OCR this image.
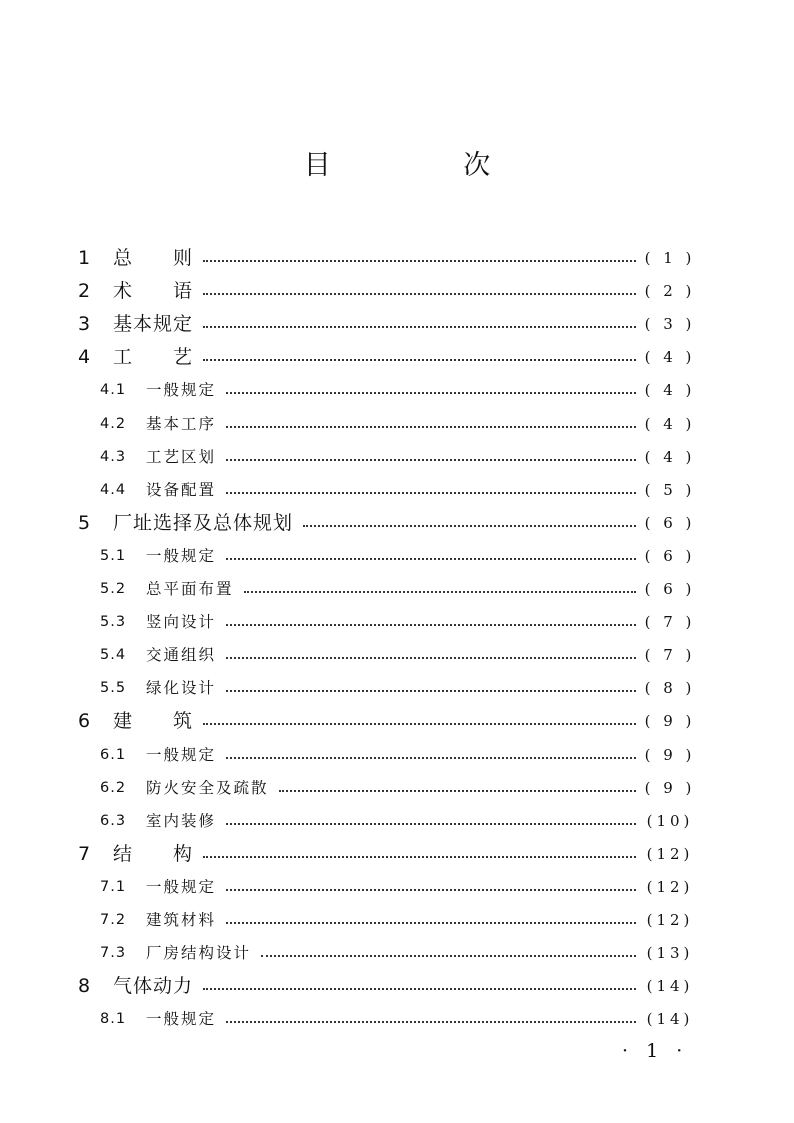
目 次
1 总　　则	( 1 )
2 术　　语	( 2 )
3 基本规定	( 3 )
4 工　　艺	( 4 )
4.1 一般规定	( 4 )
4.2 基本工序	( 4 )
4.3 工艺区划	( 4 )
4.4 设备配置	( 5 )
5 厂址选择及总体规划	( 6 )
5.1 一般规定	( 6 )
5.2 总平面布置	( 6 )
5.3 竖向设计	( 7 )
5.4 交通组织	( 7 )
5.5 绿化设计	( 8 )
6 建　　筑	( 9 )
6.1 一般规定	( 9 )
6.2 防火安全及疏散	( 9 )
6.3 室内装修	(10)
7 结　　构	(12)
7.1 一般规定	(12)
7.2 建筑材料	(12)
7.3 厂房结构设计	(13)
8 气体动力	(14)
8.1 一般规定	(14)
· 1 ·
